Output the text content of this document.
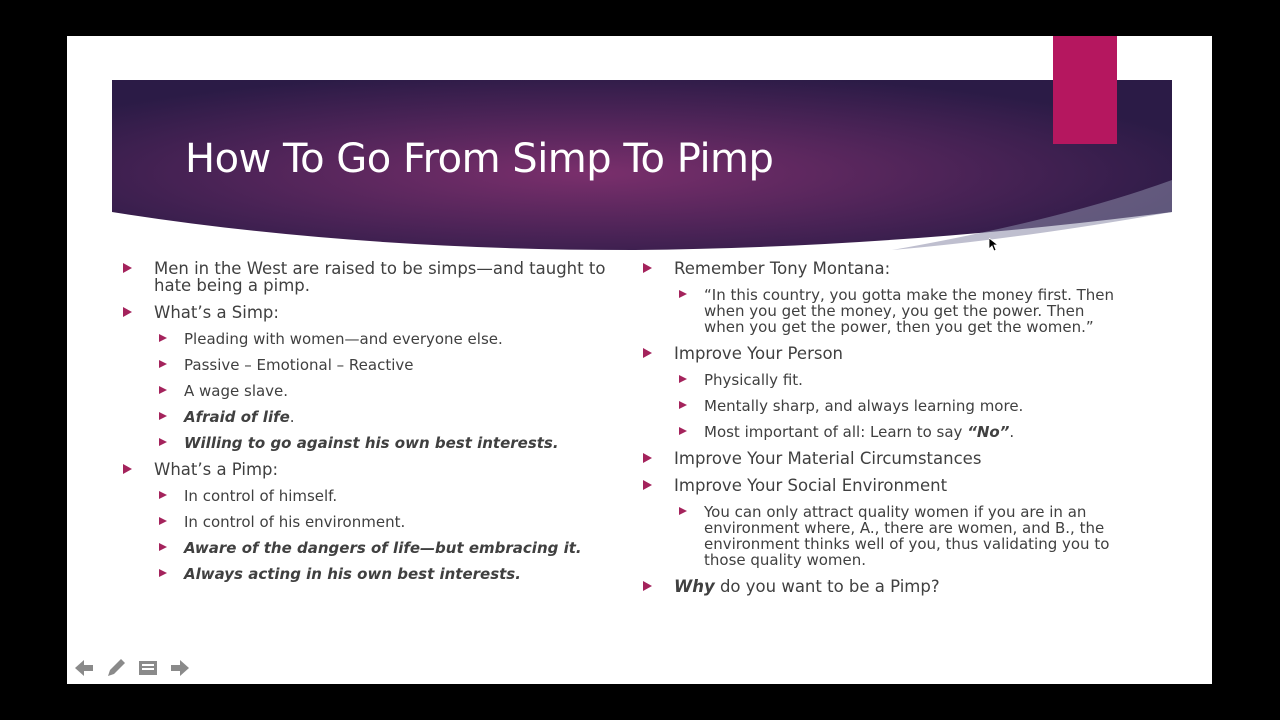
How To Go From Simp To Pimp
Men in the West are raised to be simps—and taught to hate being a pimp.
What’s a Simp:
Pleading with women—and everyone else.
Passive – Emotional – Reactive
A wage slave.
Afraid of life.
Willing to go against his own best interests.
What’s a Pimp:
In control of himself.
In control of his environment.
Aware of the dangers of life—but embracing it.
Always acting in his own best interests.
Remember Tony Montana:
“In this country, you gotta make the money first. Then when you get the money, you get the power. Then when you get the power, then you get the women.”
Improve Your Person
Physically fit.
Mentally sharp, and always learning more.
Most important of all: Learn to say “No”.
Improve Your Material Circumstances
Improve Your Social Environment
You can only attract quality women if you are in an environment where, A., there are women, and B., the environment thinks well of you, thus validating you to those quality women.
Why do you want to be a Pimp?
